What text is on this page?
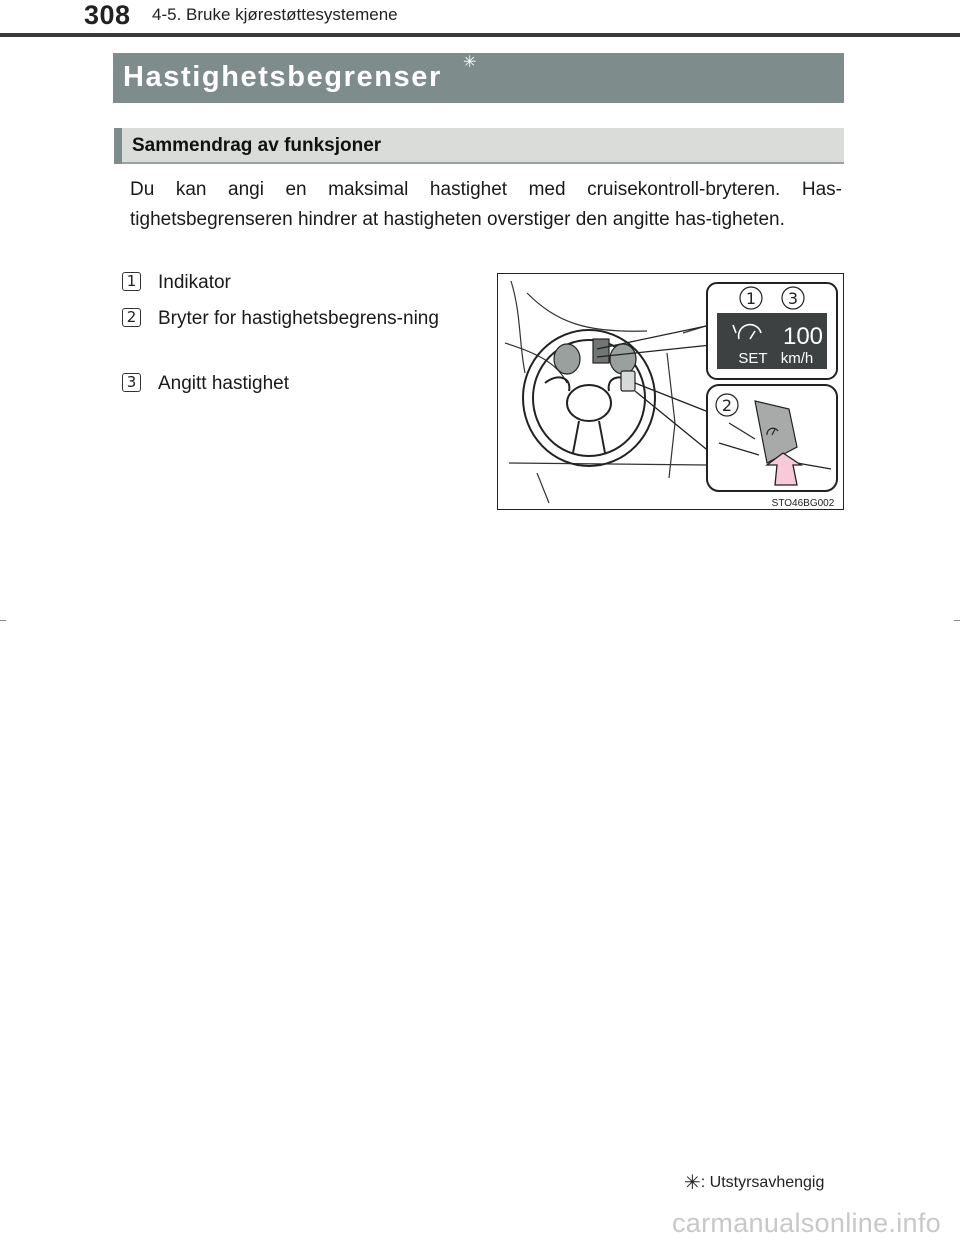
308 4-5. Bruke kjørestøttesystemene
Hastighetsbegrenser ✳
Sammendrag av funksjoner
Du kan angi en maksimal hastighet med cruisekontroll-bryteren. Has-tighetsbegrenseren hindrer at hastigheten overstiger den angitte has-tigheten.
1 Indikator
2 Bryter for hastighetsbegrens-ning
3 Angitt hastighet
1 3
100
SET km/h
2
STO46BG002
✳: Utstyrsavhengig
carmanualsonline.info
